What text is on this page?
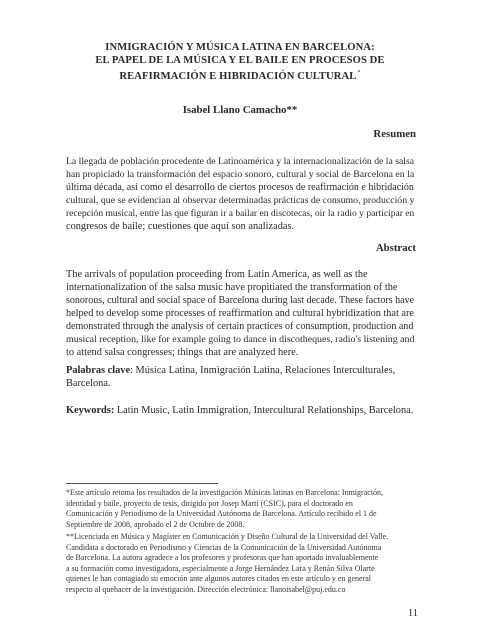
INMIGRACIÓN Y MÚSICA LATINA EN BARCELONA:
EL PAPEL DE LA MÚSICA Y EL BAILE EN PROCESOS DE
REAFIRMACIÓN E HIBRIDACIÓN CULTURAL*
Isabel Llano Camacho**
Resumen
La llegada de población procedente de Latinoamérica y la internacionalización de la salsa
han propiciado la transformación del espacio sonoro, cultural y social de Barcelona en la
última década, así como el desarrollo de ciertos procesos de reafirmación e hibridación
cultural, que se evidencian al observar determinadas prácticas de consumo, producción y
recepción musical, entre las que figuran ir a bailar en discotecas, oír la radio y participar en
congresos de baile; cuestiones que aquí son analizadas.
Abstract
The arrivals of population proceeding from Latin America, as well as the
internationalization of the salsa music have propitiated the transformation of the
sonorous, cultural and social space of Barcelona during last decade. These factors have
helped to develop some processes of reaffirmation and cultural hybridization that are
demonstrated through the analysis of certain practices of consumption, production and
musical reception, like for example going to dance in discotheques, radio's listening and
to attend salsa congresses; things that are analyzed here.
Palabras clave: Música Latina, Inmigración Latina, Relaciones Interculturales,
Barcelona.
Keywords: Latin Music, Latin Immigration, Intercultural Relationships, Barcelona.
*Este artículo retoma los resultados de la investigación Músicas latinas en Barcelona: Inmigración,
identidad y baile, proyecto de tesis, dirigido por Josep Martí (CSIC), para el doctorado en
Comunicación y Periodismo de la Universidad Autónoma de Barcelona. Artículo recibido el 1 de
Septiembre de 2008, aprobado el 2 de Octubre de 2008.
**Licenciada en Música y Magíster en Comunicación y Diseño Cultural de la Universidad del Valle.
Candidata a doctorado en Periodismo y Ciencias de la Comunicación de la Universidad Autónoma
de Barcelona. La autora agradece a los profesores y profesoras que han aportado invaluablemente
a su formación como investigadora, especialmente a Jorge Hernández Lara y Renán Silva Olarte
quienes le han contagiado su emoción ante algunos autores citados en este artículo y en general
respecto al quehacer de la investigación. Dirección electrónica: llanoisabel@puj.edu.co
11
